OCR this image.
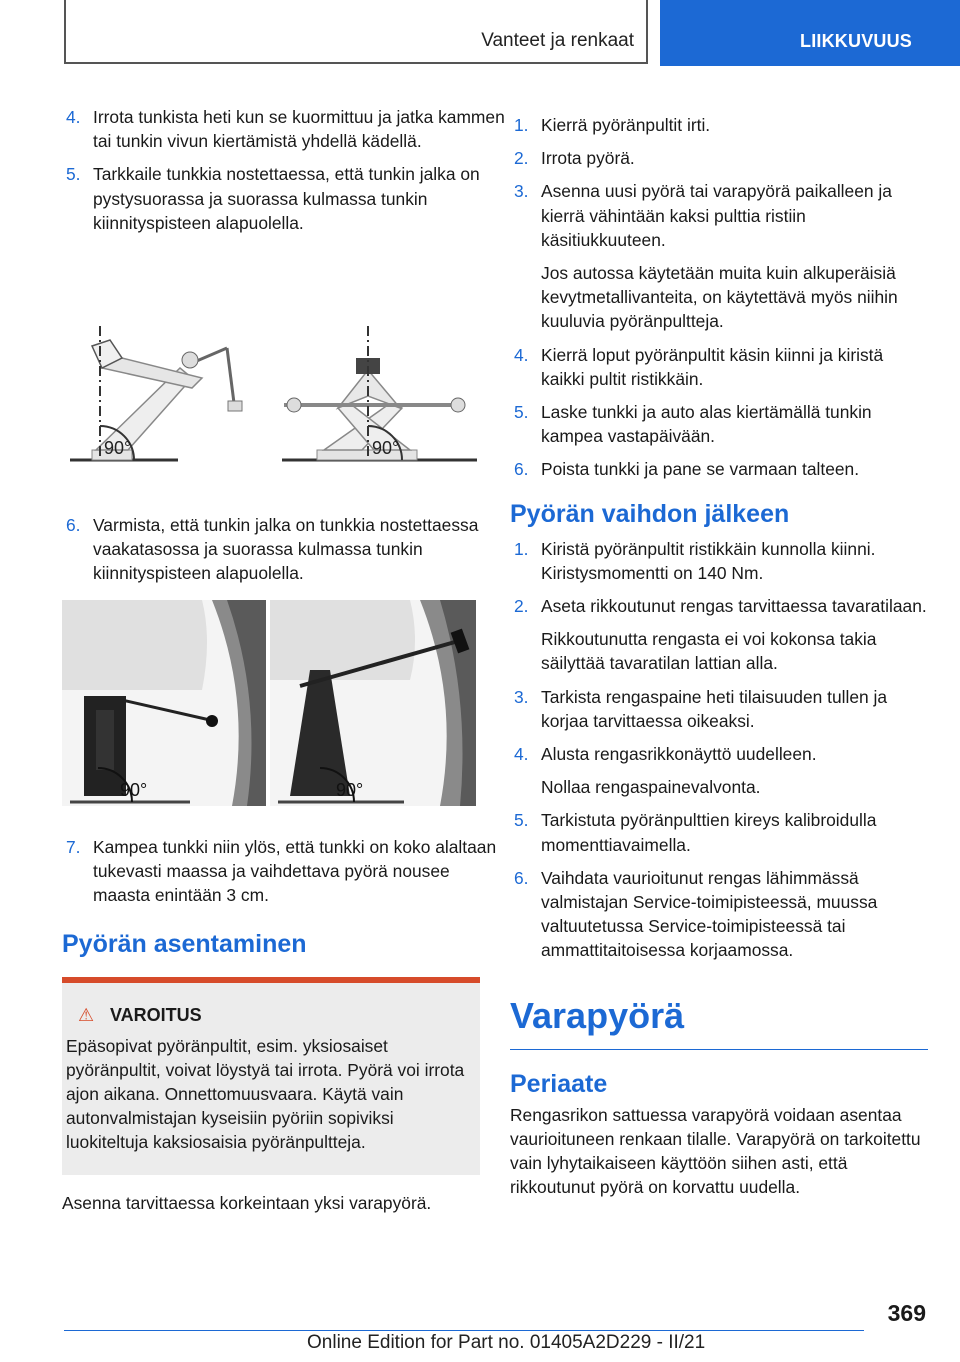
Vanteet ja renkaat	LIIKKUVUUS
4. Irrota tunkista heti kun se kuormittuu ja jatka kammen tai tunkin vivun kiertämistä yhdellä kädellä.
5. Tarkkaile tunkkia nostettaessa, että tunkin jalka on pystysuorassa ja suorassa kulmassa tunkin kiinnityspisteen alapuolella.
90°	90°
6. Varmista, että tunkin jalka on tunkkia nostettaessa vaakatasossa ja suorassa kulmassa tunkin kiinnityspisteen alapuolella.
90°	90°
7. Kampea tunkki niin ylös, että tunkki on koko alaltaan tukevasti maassa ja vaihdettava pyörä nousee maasta enintään 3 cm.
Pyörän asentaminen
⚠ VAROITUS
Epäsopivat pyöränpultit, esim. yksiosaiset pyöränpultit, voivat löystyä tai irrota. Pyörä voi irrota ajon aikana. Onnettomuusvaara. Käytä vain autonvalmistajan kyseisiin pyöriin sopiviksi luokiteltuja kaksiosaisia pyöränpultteja.
Asenna tarvittaessa korkeintaan yksi varapyörä.
1. Kierrä pyöränpultit irti.
2. Irrota pyörä.
3. Asenna uusi pyörä tai varapyörä paikalleen ja kierrä vähintään kaksi pulttia ristiin käsitiukkuuteen.
Jos autossa käytetään muita kuin alkuperäisiä kevytmetallivanteita, on käytettävä myös niihin kuuluvia pyöränpultteja.
4. Kierrä loput pyöränpultit käsin kiinni ja kiristä kaikki pultit ristikkäin.
5. Laske tunkki ja auto alas kiertämällä tunkin kampea vastapäivään.
6. Poista tunkki ja pane se varmaan talteen.
Pyörän vaihdon jälkeen
1. Kiristä pyöränpultit ristikkäin kunnolla kiinni. Kiristysmomentti on 140 Nm.
2. Aseta rikkoutunut rengas tarvittaessa tavaratilaan.
Rikkoutunutta rengasta ei voi kokonsa takia säilyttää tavaratilan lattian alla.
3. Tarkista rengaspaine heti tilaisuuden tullen ja korjaa tarvittaessa oikeaksi.
4. Alusta rengasrikkonäyttö uudelleen.
Nollaa rengaspainevalvonta.
5. Tarkistuta pyöränpulttien kireys kalibroidulla momenttiavaimella.
6. Vaihdata vaurioitunut rengas lähimmässä valmistajan Service-toimipisteessä, muussa valtuutetussa Service-toimipisteessä tai ammattitaitoisessa korjaamossa.
Varapyörä
Periaate
Rengasrikon sattuessa varapyörä voidaan asentaa vaurioituneen renkaan tilalle. Varapyörä on tarkoitettu vain lyhytaikaiseen käyttöön siihen asti, että rikkoutunut pyörä on korvattu uudella.
369
Online Edition for Part no. 01405A2D229 - II/21
